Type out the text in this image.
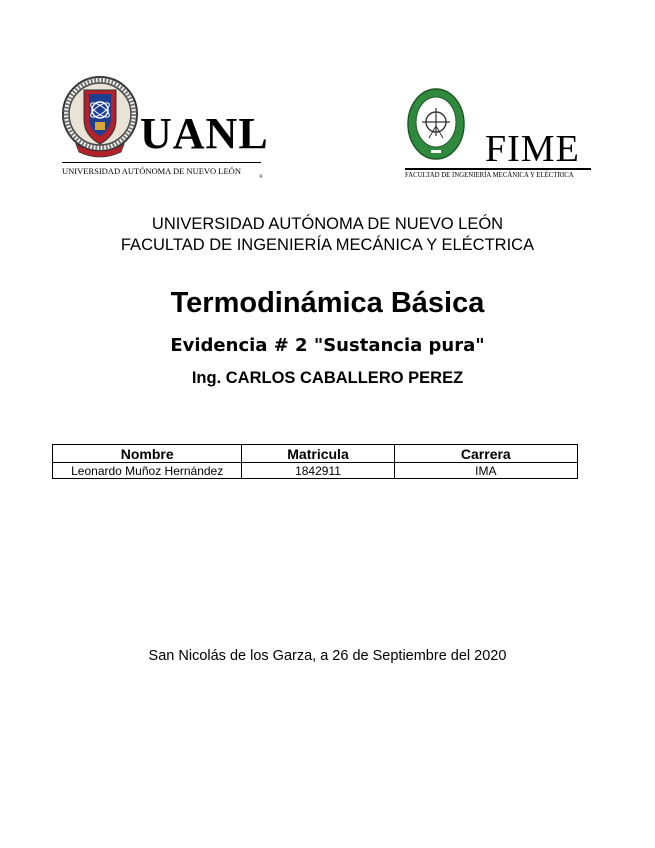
UANL
UNIVERSIDAD AUTÓNOMA DE NUEVO LEÓN
®
FIME
FACULTAD DE INGENIERÍA MECÁNICA Y ELÉCTRICA
UNIVERSIDAD AUTÓNOMA DE NUEVO LEÓN
FACULTAD DE INGENIERÍA MECÁNICA Y ELÉCTRICA
Termodinámica Básica
Evidencia # 2 "Sustancia pura"
Ing. CARLOS CABALLERO PEREZ
Nombre	Matricula	Carrera
Leonardo Muñoz Hernández	1842911	IMA
San Nicolás de los Garza, a 26 de Septiembre del 2020
